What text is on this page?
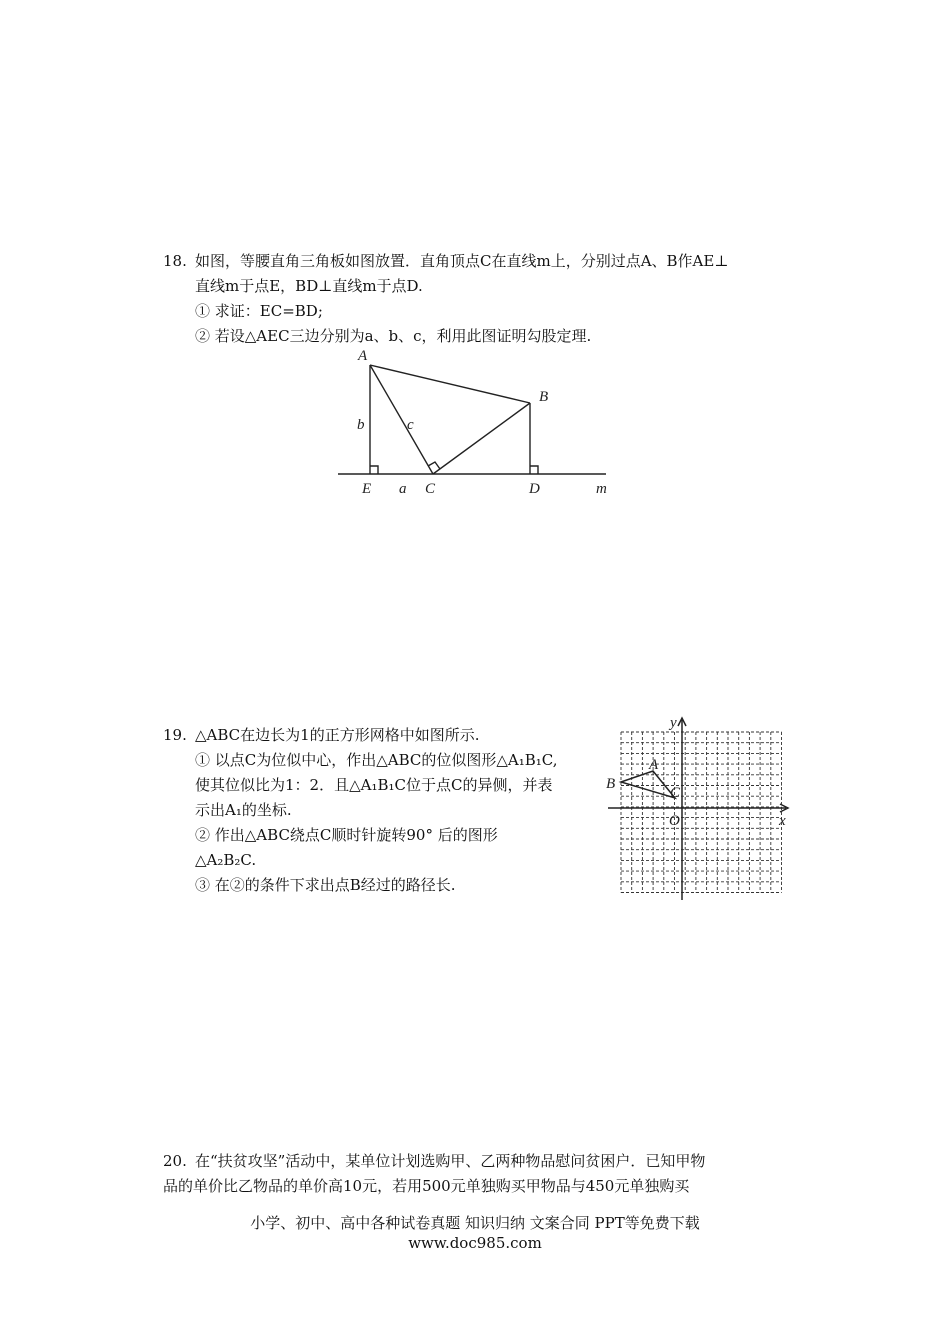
18. 如图，等腰直角三角板如图放置．直角顶点C在直线m上，分别过点A、B作AE⊥
直线m于点E，BD⊥直线m于点D.
① 求证：EC=BD;
② 若设△AEC三边分别为a、b、c，利用此图证明勾股定理.
A
B
E	C	D
b	c
a	m
19. △ABC在边长为1的正方形网格中如图所示.
① 以点C为位似中心，作出△ABC的位似图形△A₁B₁C,
使其位似比为1：2．且△A₁B₁C位于点C的异侧，并表
示出A₁的坐标.
② 作出△ABC绕点C顺时针旋转90° 后的图形
△A₂B₂C.
③ 在②的条件下求出点B经过的路径长.
y
x
O
A
B
C
20. 在“扶贫攻坚”活动中，某单位计划选购甲、乙两种物品慰问贫困户．已知甲物
品的单价比乙物品的单价高10元，若用500元单独购买甲物品与450元单独购买
小学、初中、高中各种试卷真题 知识归纳 文案合同 PPT等免费下载
www.doc985.com
